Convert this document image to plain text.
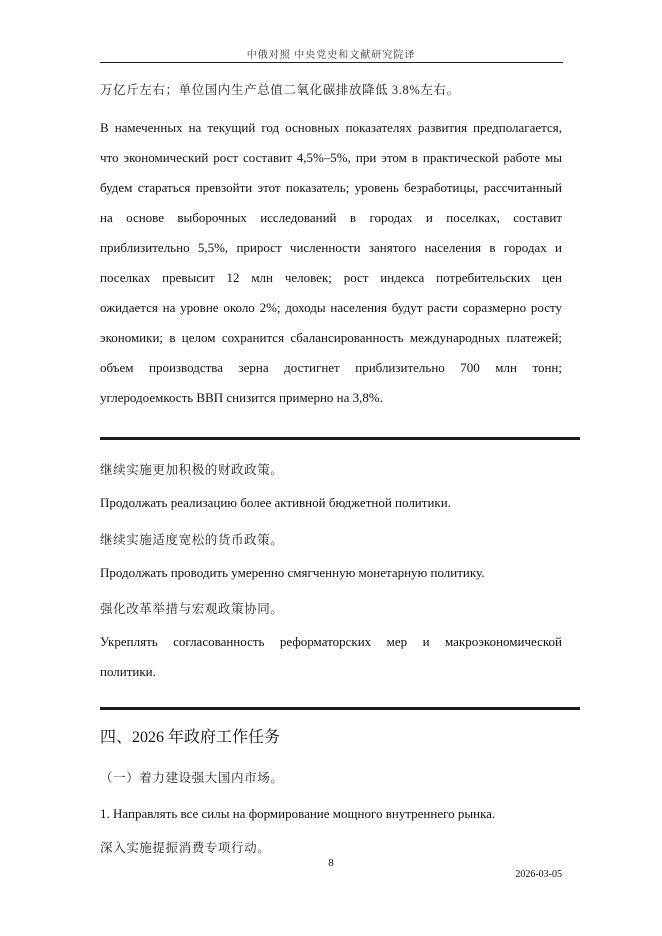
中俄对照 中央党史和文献研究院译
万亿斤左右；单位国内生产总值二氧化碳排放降低 3.8%左右。
В намеченных на текущий год основных показателях развития предполагается,
что экономический рост составит 4,5%–5%, при этом в практической работе мы
будем стараться превзойти этот показатель; уровень безработицы, рассчитанный
на основе выборочных исследований в городах и поселках, составит
приблизительно 5,5%, прирост численности занятого населения в городах и
поселках превысит 12 млн человек; рост индекса потребительских цен
ожидается на уровне около 2%; доходы населения будут расти соразмерно росту
экономики; в целом сохранится сбалансированность международных платежей;
объем производства зерна достигнет приблизительно 700 млн тонн;
углеродоемкость ВВП снизится примерно на 3,8%.
继续实施更加积极的财政政策。
Продолжать реализацию более активной бюджетной политики.
继续实施适度宽松的货币政策。
Продолжать проводить умеренно смягченную монетарную политику.
强化改革举措与宏观政策协同。
Укреплять согласованность реформаторских мер и макроэкономической
политики.
四、2026 年政府工作任务
（一）着力建设强大国内市场。
1. Направлять все силы на формирование мощного внутреннего рынка.
深入实施提振消费专项行动。
8
2026-03-05
